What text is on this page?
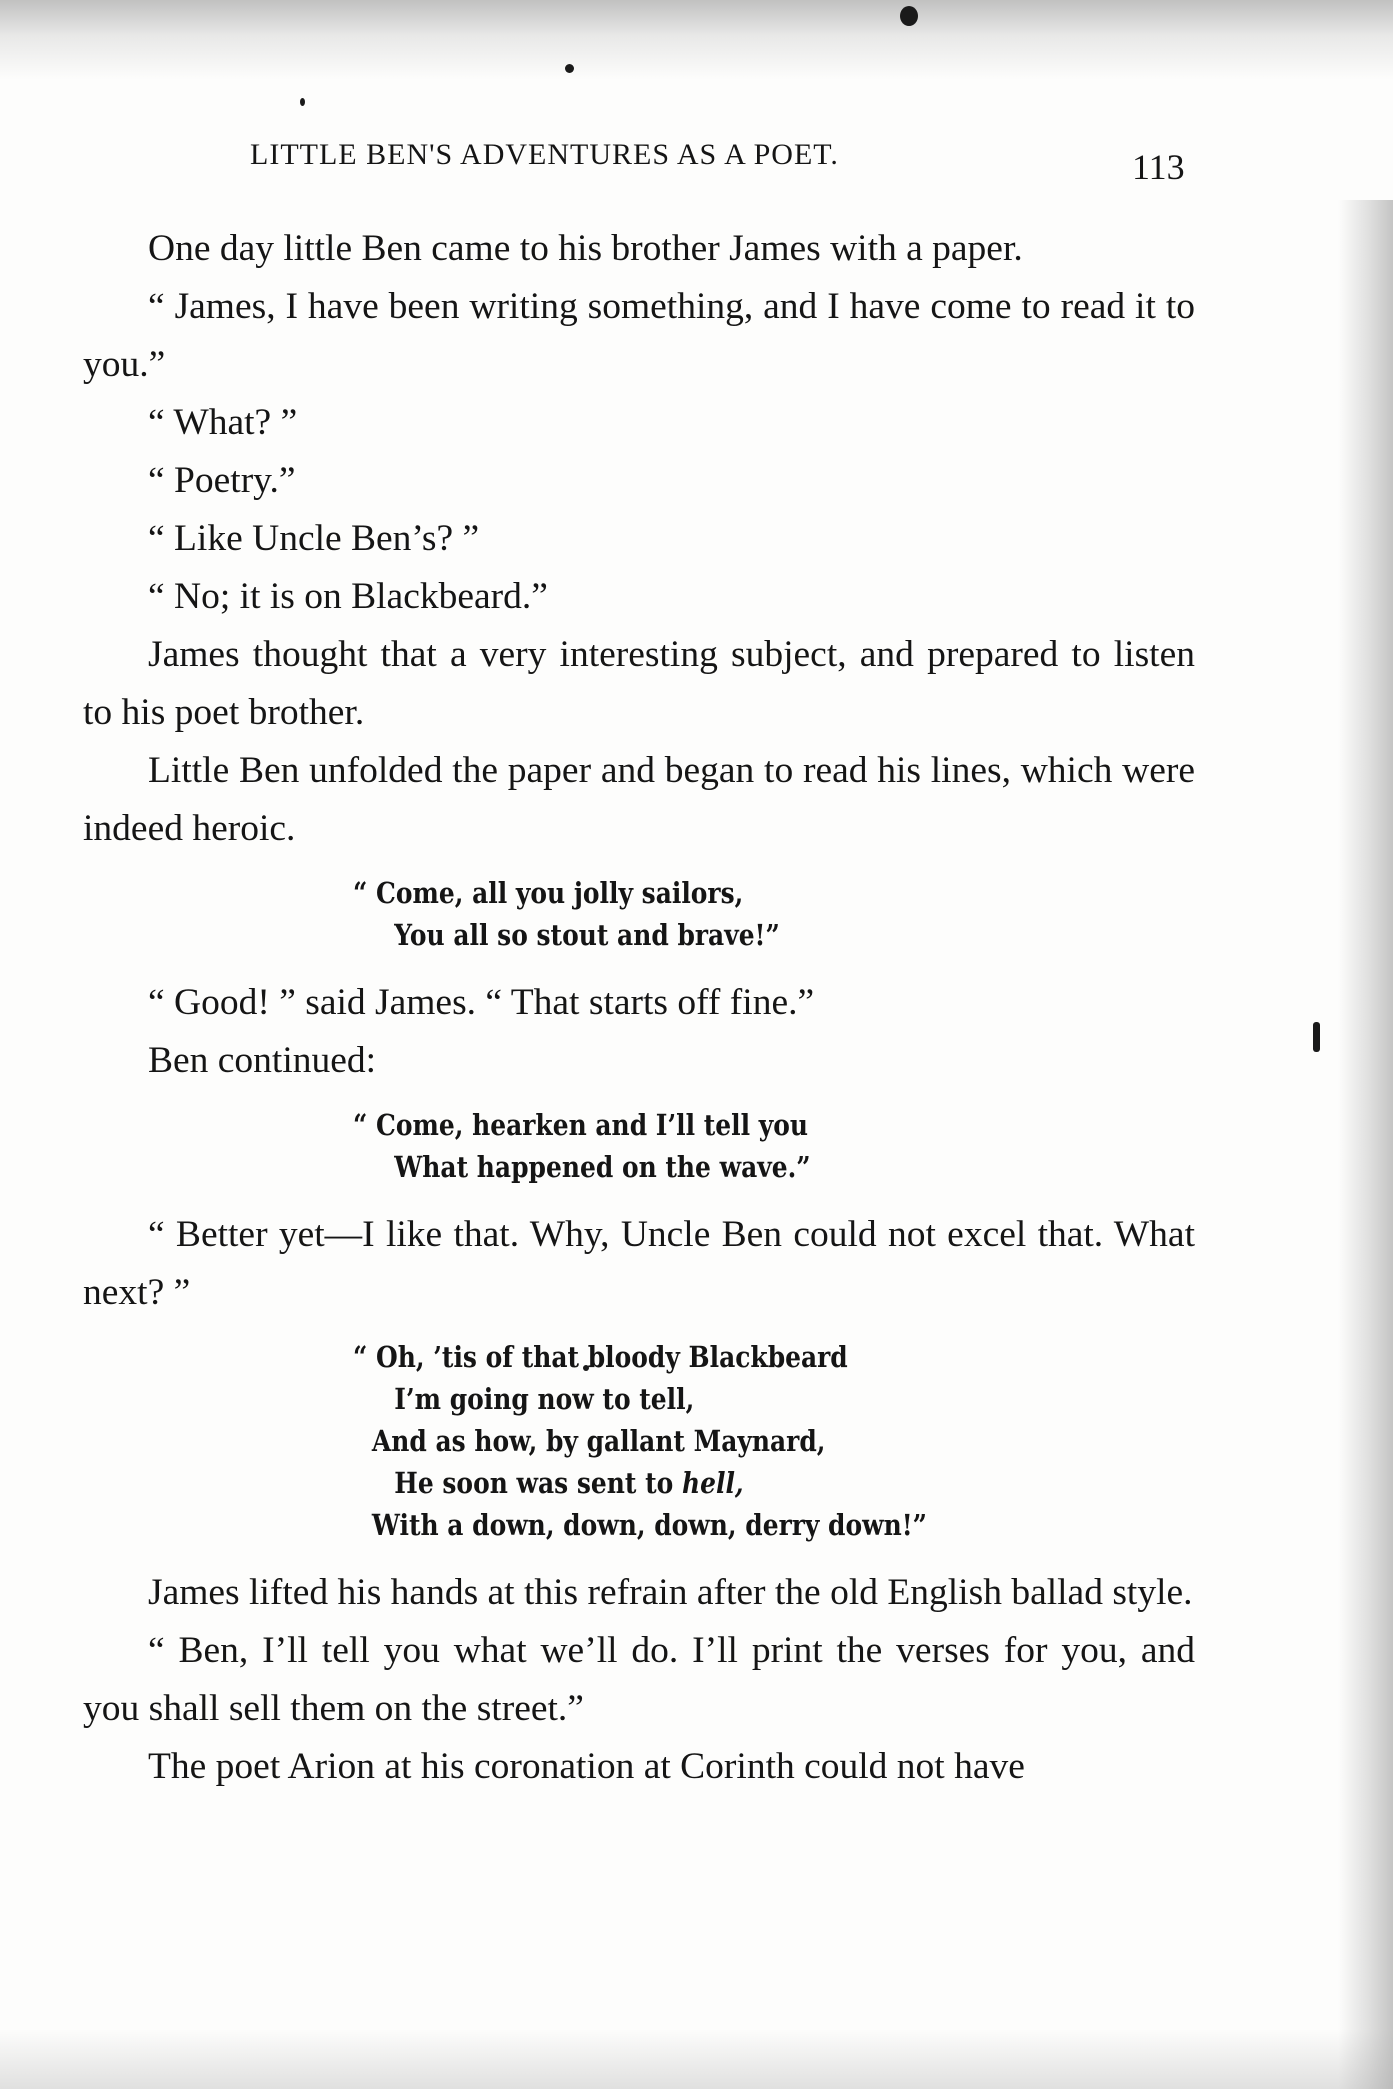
LITTLE BEN'S ADVENTURES AS A POET.	113

One day little Ben came to his brother James with a paper.

“ James, I have been writing something, and I have come to read it to you.”

“ What? ”

“ Poetry.”

“ Like Uncle Ben’s? ”

“ No; it is on Blackbeard.”

James thought that a very interesting subject, and prepared to listen to his poet brother.

Little Ben unfolded the paper and began to read his lines, which were indeed heroic.

“ Come, all you jolly sailors,
You all so stout and brave!”

“ Good! ” said James. “ That starts off fine.”

Ben continued:

“ Come, hearken and I’ll tell you
What happened on the wave.”

“ Better yet—I like that. Why, Uncle Ben could not excel that. What next? ”

“ Oh, ’tis of that bloody Blackbeard
I’m going now to tell,
And as how, by gallant Maynard,
He soon was sent to hell,
With a down, down, down, derry down!”

James lifted his hands at this refrain after the old English ballad style.

“ Ben, I’ll tell you what we’ll do. I’ll print the verses for you, and you shall sell them on the street.”

The poet Arion at his coronation at Corinth could not have
